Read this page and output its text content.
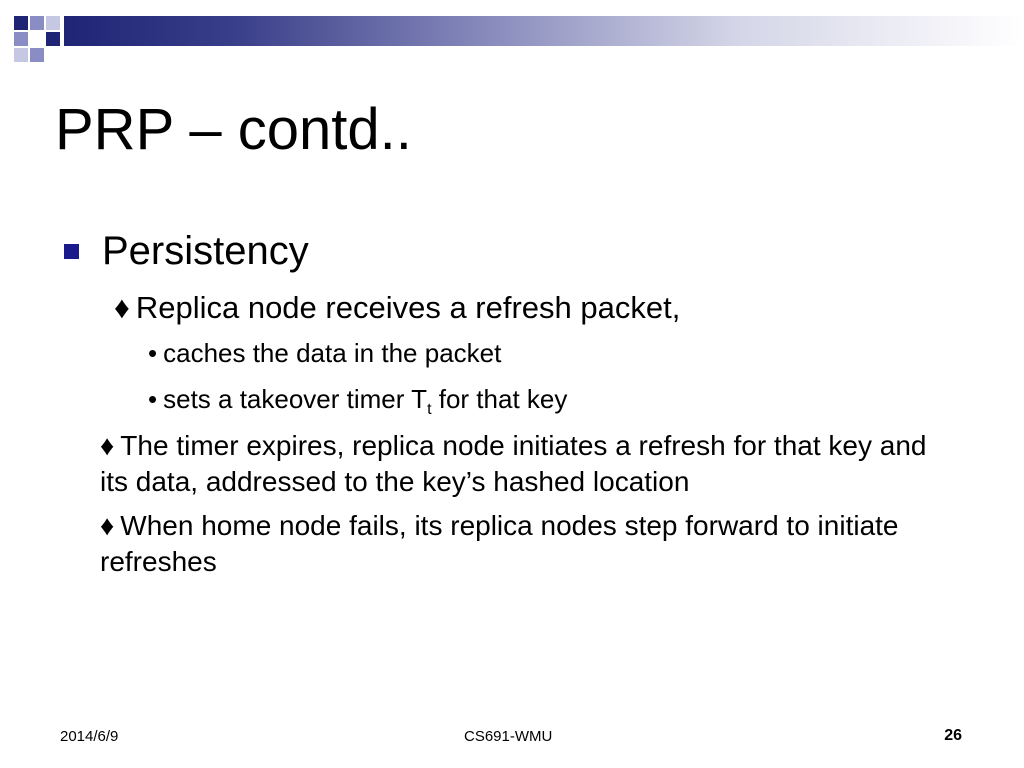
PRP – contd..
Persistency
♦ Replica node receives a refresh packet,
• caches the data in the packet
• sets a takeover timer $T_t$ for that key
♦ The timer expires, replica node initiates a refresh for that key and its data, addressed to the key’s hashed location
♦ When home node fails, its replica nodes step forward to initiate refreshes
2014/6/9	CS691-WMU	26
